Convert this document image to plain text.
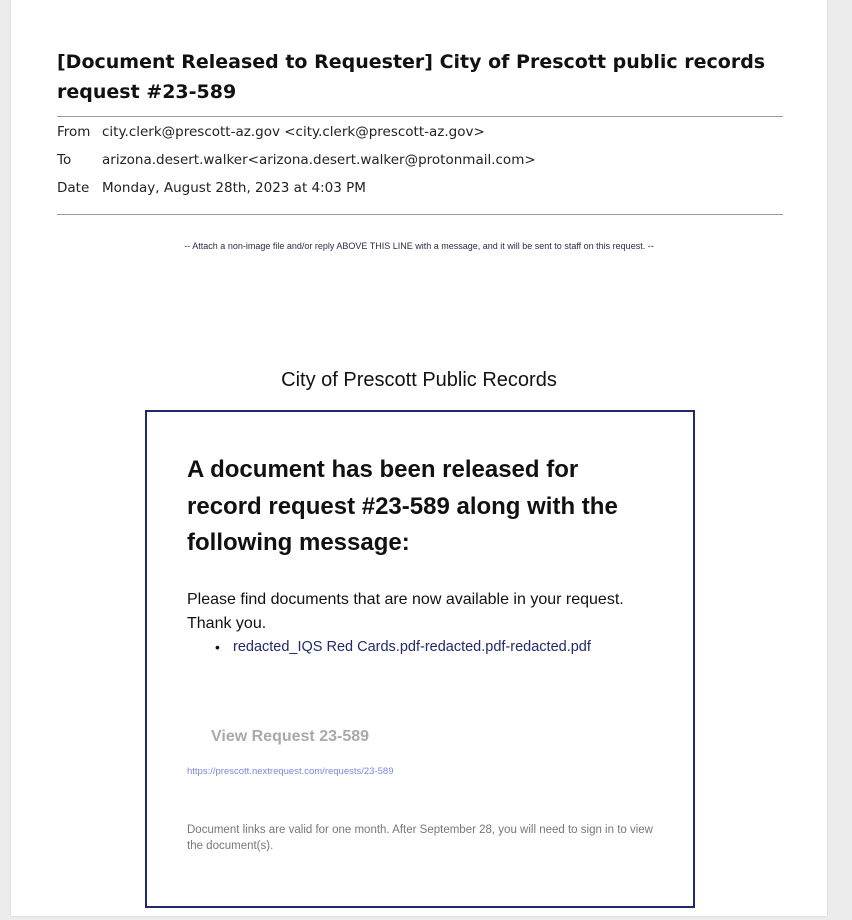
[Document Released to Requester] City of Prescott public records request #23-589
From city.clerk@prescott-az.gov <city.clerk@prescott-az.gov>
To arizona.desert.walker<arizona.desert.walker@protonmail.com>
Date Monday, August 28th, 2023 at 4:03 PM
-- Attach a non-image file and/or reply ABOVE THIS LINE with a message, and it will be sent to staff on this request. --
City of Prescott Public Records
A document has been released for record request #23-589 along with the following message:
Please find documents that are now available in your request. Thank you.
• redacted_IQS Red Cards.pdf-redacted.pdf-redacted.pdf
View Request 23-589
https://prescott.nextrequest.com/requests/23-589
Document links are valid for one month. After September 28, you will need to sign in to view the document(s).
